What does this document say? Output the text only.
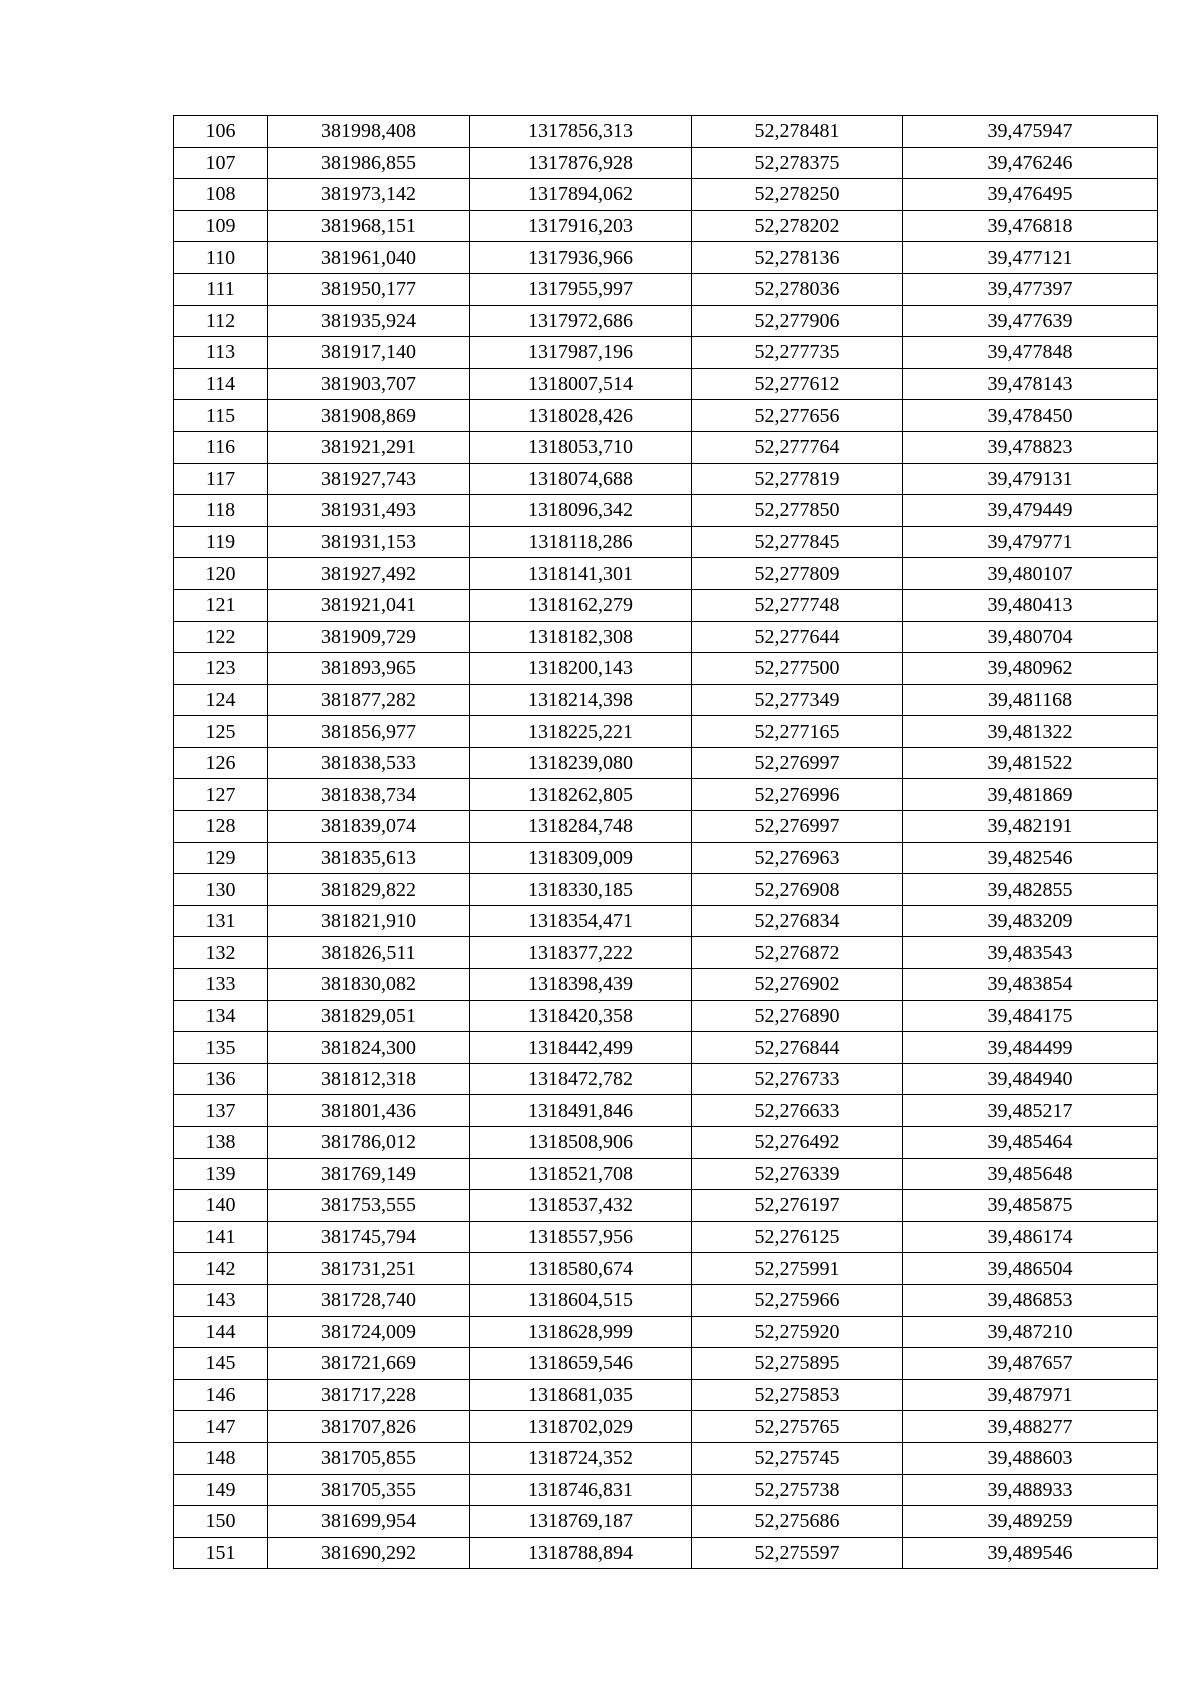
106	381998,408	1317856,313	52,278481	39,475947
107	381986,855	1317876,928	52,278375	39,476246
108	381973,142	1317894,062	52,278250	39,476495
109	381968,151	1317916,203	52,278202	39,476818
110	381961,040	1317936,966	52,278136	39,477121
111	381950,177	1317955,997	52,278036	39,477397
112	381935,924	1317972,686	52,277906	39,477639
113	381917,140	1317987,196	52,277735	39,477848
114	381903,707	1318007,514	52,277612	39,478143
115	381908,869	1318028,426	52,277656	39,478450
116	381921,291	1318053,710	52,277764	39,478823
117	381927,743	1318074,688	52,277819	39,479131
118	381931,493	1318096,342	52,277850	39,479449
119	381931,153	1318118,286	52,277845	39,479771
120	381927,492	1318141,301	52,277809	39,480107
121	381921,041	1318162,279	52,277748	39,480413
122	381909,729	1318182,308	52,277644	39,480704
123	381893,965	1318200,143	52,277500	39,480962
124	381877,282	1318214,398	52,277349	39,481168
125	381856,977	1318225,221	52,277165	39,481322
126	381838,533	1318239,080	52,276997	39,481522
127	381838,734	1318262,805	52,276996	39,481869
128	381839,074	1318284,748	52,276997	39,482191
129	381835,613	1318309,009	52,276963	39,482546
130	381829,822	1318330,185	52,276908	39,482855
131	381821,910	1318354,471	52,276834	39,483209
132	381826,511	1318377,222	52,276872	39,483543
133	381830,082	1318398,439	52,276902	39,483854
134	381829,051	1318420,358	52,276890	39,484175
135	381824,300	1318442,499	52,276844	39,484499
136	381812,318	1318472,782	52,276733	39,484940
137	381801,436	1318491,846	52,276633	39,485217
138	381786,012	1318508,906	52,276492	39,485464
139	381769,149	1318521,708	52,276339	39,485648
140	381753,555	1318537,432	52,276197	39,485875
141	381745,794	1318557,956	52,276125	39,486174
142	381731,251	1318580,674	52,275991	39,486504
143	381728,740	1318604,515	52,275966	39,486853
144	381724,009	1318628,999	52,275920	39,487210
145	381721,669	1318659,546	52,275895	39,487657
146	381717,228	1318681,035	52,275853	39,487971
147	381707,826	1318702,029	52,275765	39,488277
148	381705,855	1318724,352	52,275745	39,488603
149	381705,355	1318746,831	52,275738	39,488933
150	381699,954	1318769,187	52,275686	39,489259
151	381690,292	1318788,894	52,275597	39,489546
